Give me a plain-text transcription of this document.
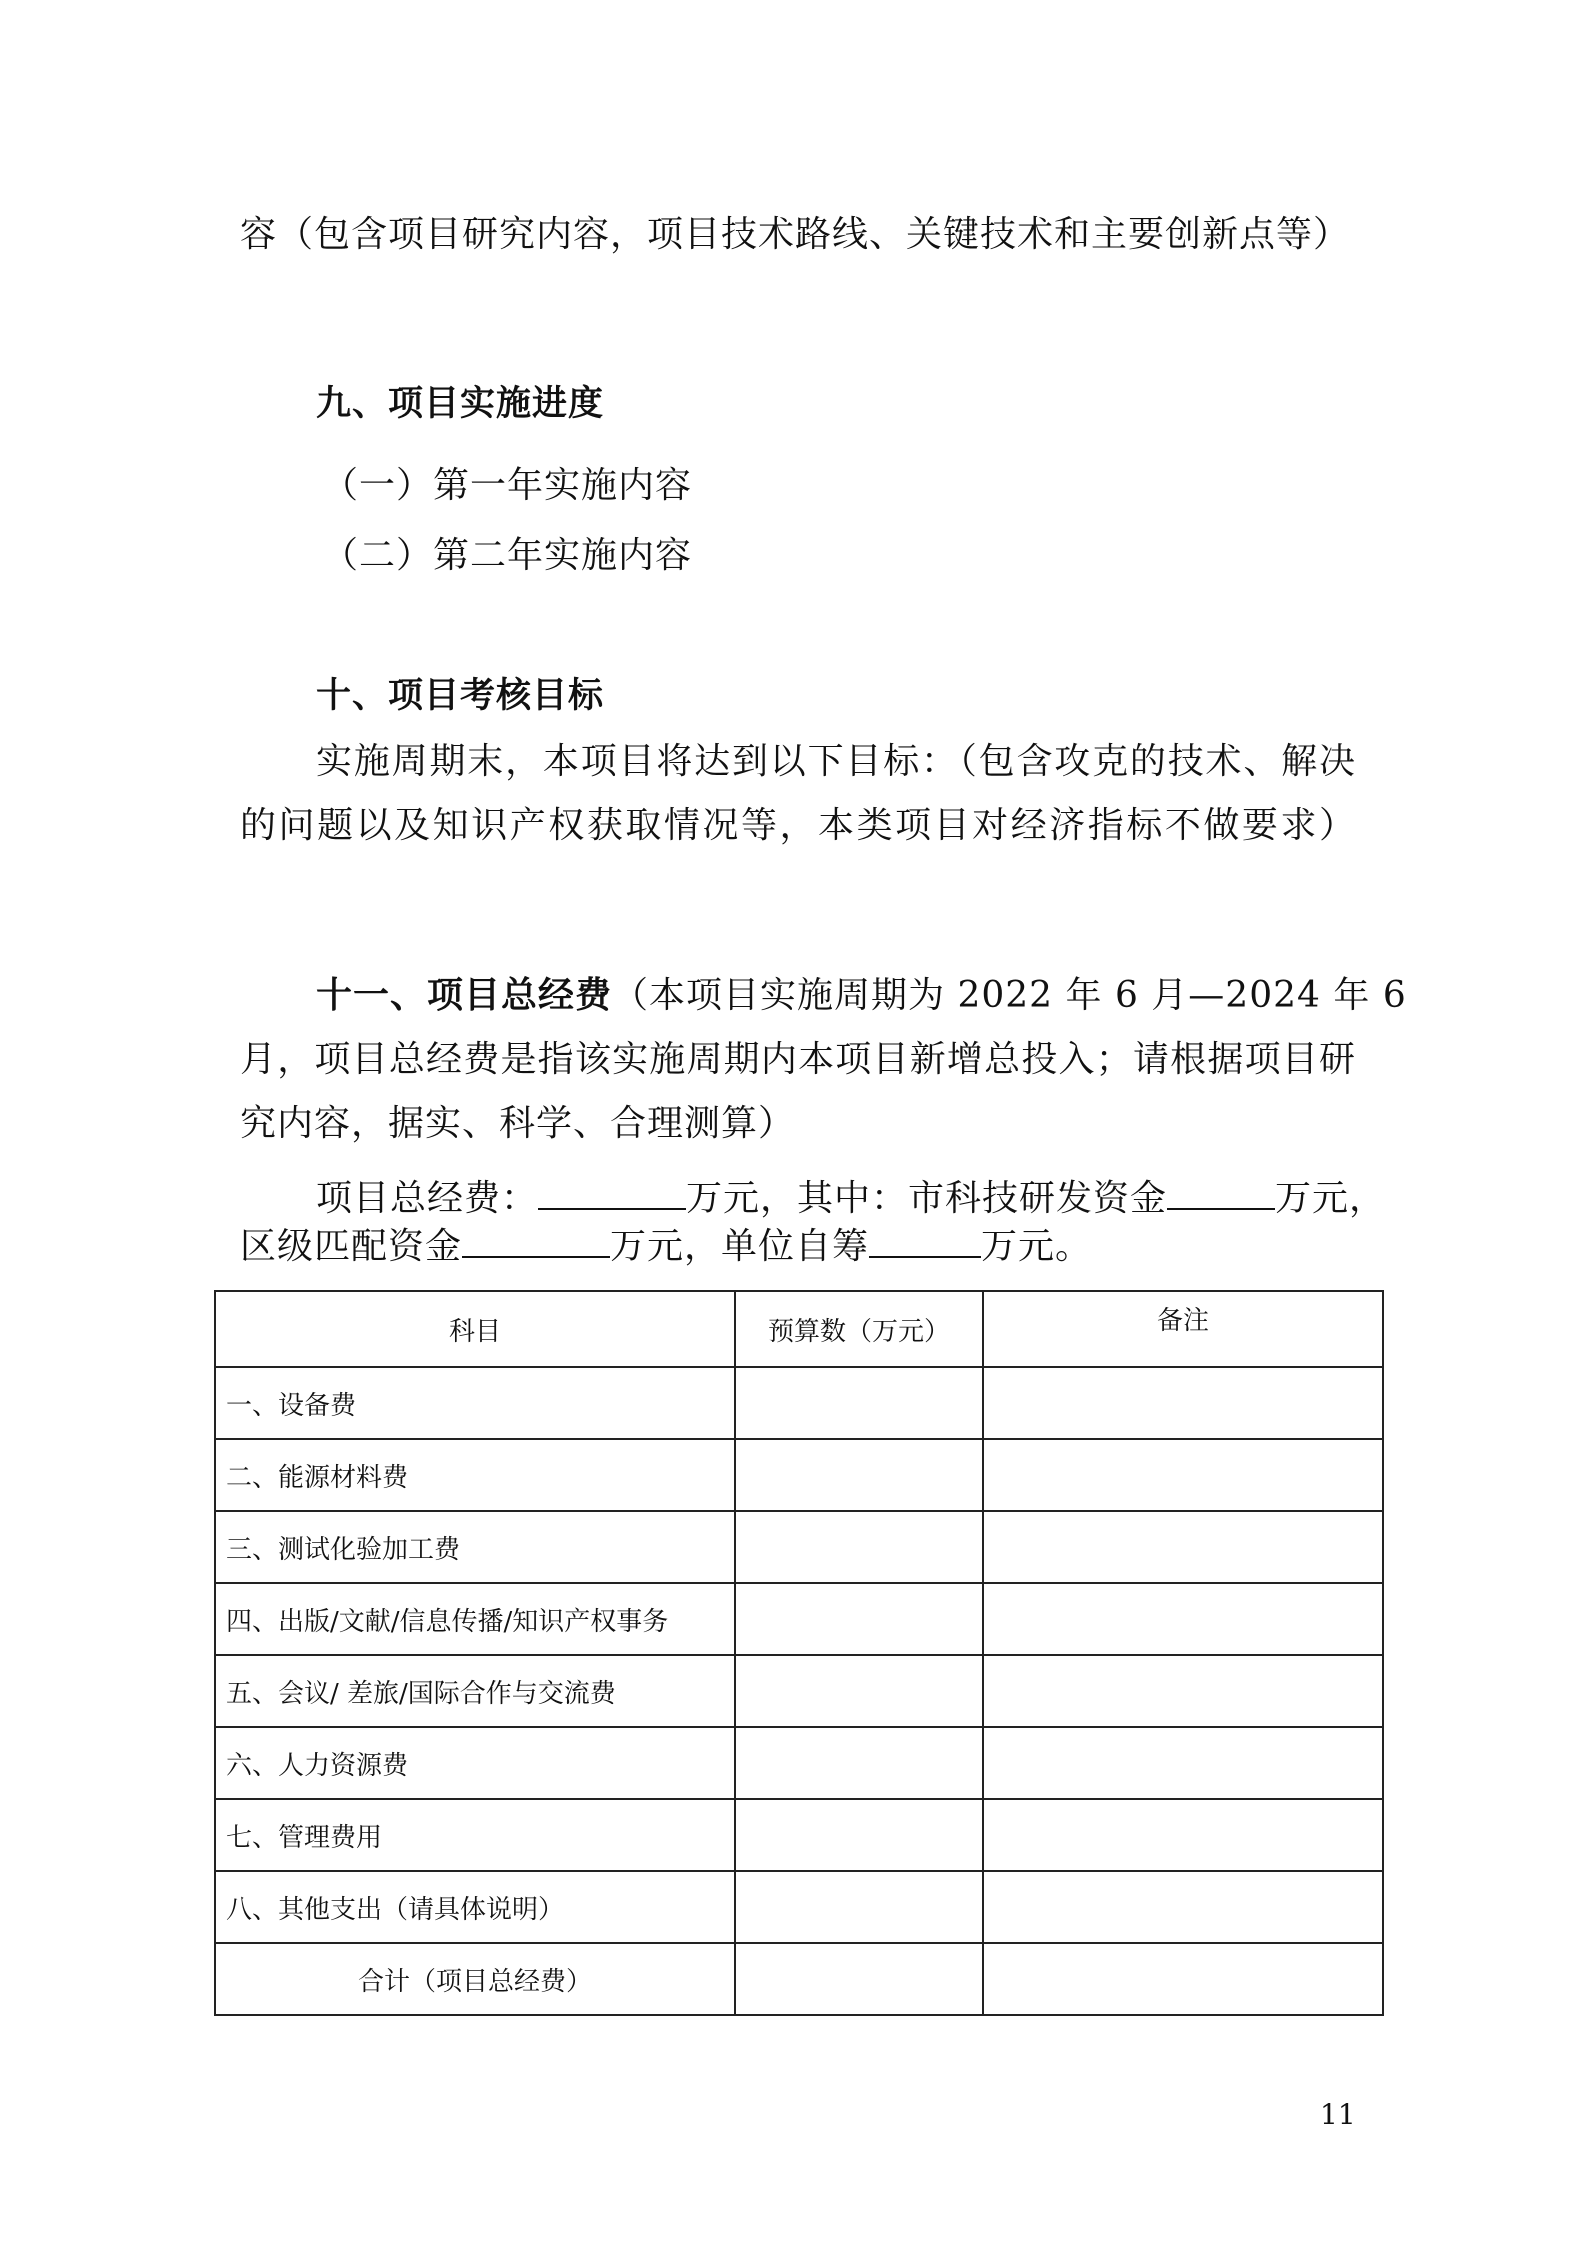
容（包含项目研究内容，项目技术路线、关键技术和主要创新点等）
九、项目实施进度
（一）第一年实施内容
（二）第二年实施内容
十、项目考核目标
实施周期末，本项目将达到以下目标：（包含攻克的技术、解决
的问题以及知识产权获取情况等，本类项目对经济指标不做要求）
十一、项目总经费（本项目实施周期为 2022 年 6 月—2024 年 6
月，项目总经费是指该实施周期内本项目新增总投入；请根据项目研
究内容，据实、科学、合理测算）
项目总经费：	万元，其中：市科技研发资金	万元，
区级匹配资金	万元，单位自筹	万元。
科目	预算数（万元）	备注
一、设备费		
二、能源材料费		
三、测试化验加工费		
四、出版/文献/信息传播/知识产权事务		
五、会议/ 差旅/国际合作与交流费		
六、人力资源费		
七、管理费用		
八、其他支出（请具体说明）		
合计（项目总经费）		
11
